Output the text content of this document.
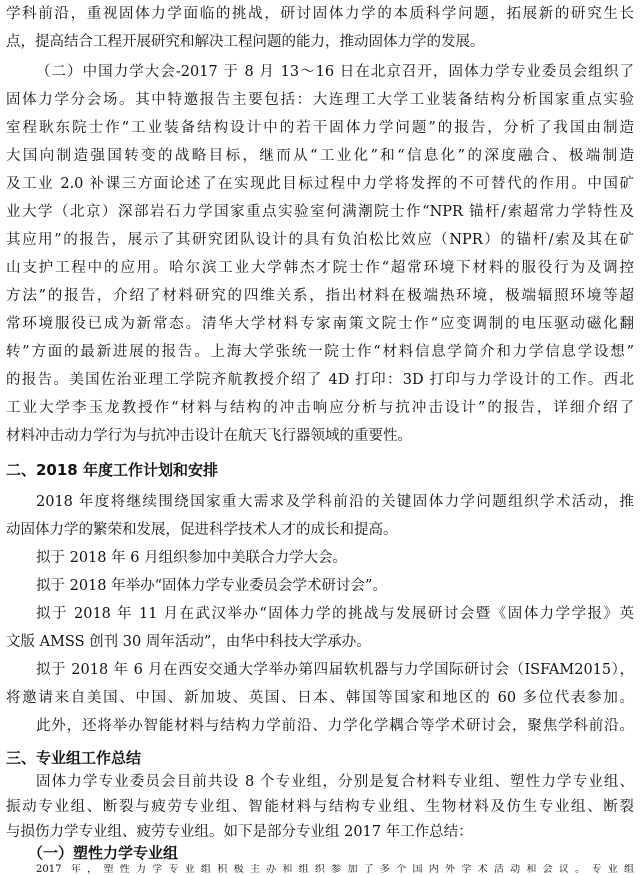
学科前沿，重视固体力学面临的挑战，研讨固体力学的本质科学问题，拓展新的研究生长
点，提高结合工程开展研究和解决工程问题的能力，推动固体力学的发展。
（二）中国力学大会-2017 于 8 月 13～16 日在北京召开，固体力学专业委员会组织了
固体力学分会场。其中特邀报告主要包括：大连理工大学工业装备结构分析国家重点实验
室程耿东院士作“工业装备结构设计中的若干固体力学问题”的报告，分析了我国由制造
大国向制造强国转变的战略目标，继而从“工业化”和“信息化”的深度融合、极端制造
及工业 2.0 补课三方面论述了在实现此目标过程中力学将发挥的不可替代的作用。中国矿
业大学（北京）深部岩石力学国家重点实验室何满潮院士作“NPR 锚杆/索超常力学特性及
其应用”的报告，展示了其研究团队设计的具有负泊松比效应（NPR）的锚杆/索及其在矿
山支护工程中的应用。哈尔滨工业大学韩杰才院士作“超常环境下材料的服役行为及调控
方法”的报告，介绍了材料研究的四维关系，指出材料在极端热环境，极端辐照环境等超
常环境服役已成为新常态。清华大学材料专家南策文院士作“应变调制的电压驱动磁化翻
转”方面的最新进展的报告。上海大学张统一院士作“材料信息学简介和力学信息学设想”
的报告。美国佐治亚理工学院齐航教授介绍了 4D 打印：3D 打印与力学设计的工作。西北
工业大学李玉龙教授作“材料与结构的冲击响应分析与抗冲击设计”的报告，详细介绍了
材料冲击动力学行为与抗冲击设计在航天飞行器领域的重要性。
二、2018 年度工作计划和安排
2018 年度将继续围绕国家重大需求及学科前沿的关键固体力学问题组织学术活动，推
动固体力学的繁荣和发展，促进科学技术人才的成长和提高。
拟于 2018 年 6 月组织参加中美联合力学大会。
拟于 2018 年举办“固体力学专业委员会学术研讨会”。
拟于 2018 年 11 月在武汉举办“固体力学的挑战与发展研讨会暨《固体力学学报》英
文版 AMSS 创刊 30 周年活动”，由华中科技大学承办。
拟于 2018 年 6 月在西安交通大学举办第四届软机器与力学国际研讨会（ISFAM2015），
将邀请来自美国、中国、新加坡、英国、日本、韩国等国家和地区的 60 多位代表参加。
此外，还将举办智能材料与结构力学前沿、力学化学耦合等学术研讨会，聚焦学科前沿。
三、专业组工作总结
固体力学专业委员会目前共设 8 个专业组，分别是复合材料专业组、塑性力学专业组、
振动专业组、断裂与疲劳专业组、智能材料与结构专业组、生物材料及仿生专业组、断裂
与损伤力学专业组、疲劳专业组。如下是部分专业组 2017 年工作总结：
（一）塑性力学专业组
2017 年，塑性力学专业组积极主办和组织参加了多个国内外学术活动和会议。专业组
